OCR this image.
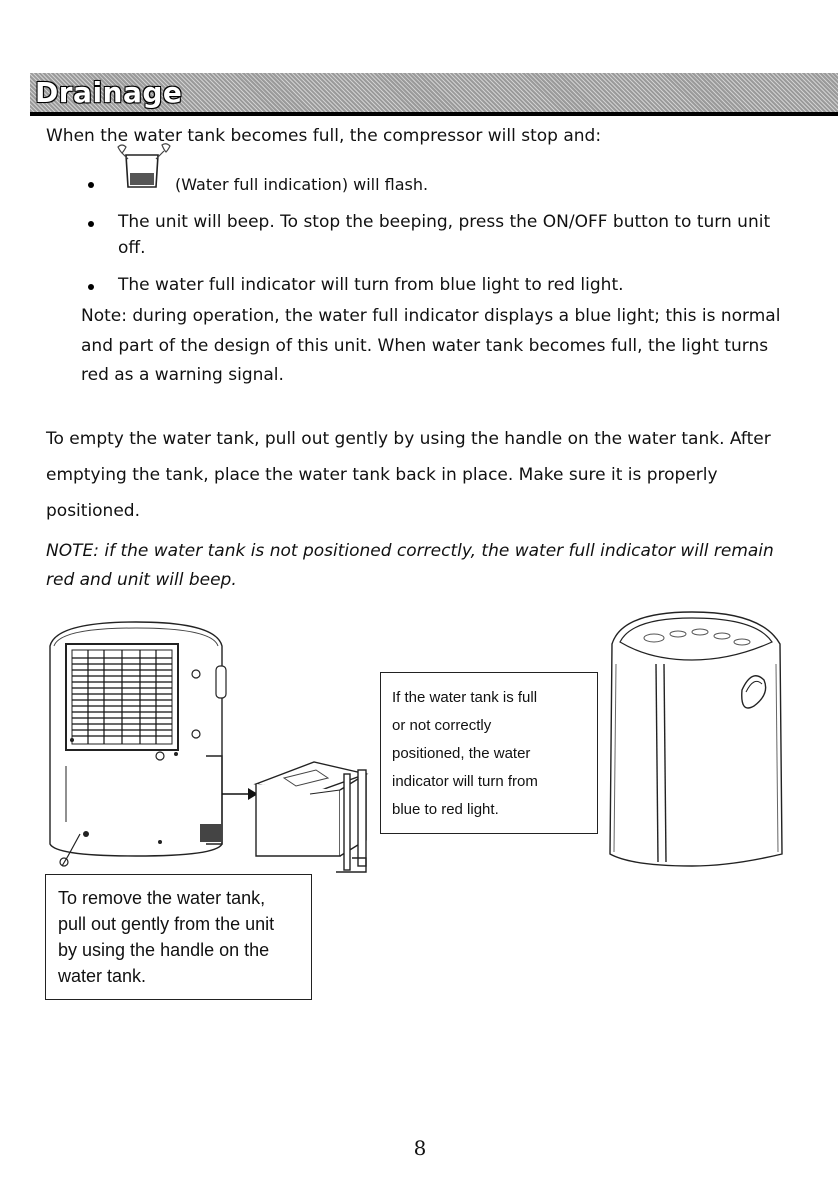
Drainage
When the water tank becomes full, the compressor will stop and:
(Water full indication) will flash.
The unit will beep. To stop the beeping, press the ON/OFF button to turn unit
off.
The water full indicator will turn from blue light to red light.
Note: during operation, the water full indicator displays a blue light; this is normal
and part of the design of this unit. When water tank becomes full, the light turns
red as a warning signal.
To empty the water tank, pull out gently by using the handle on the water tank. After
emptying the tank, place the water tank back in place. Make sure it is properly
positioned.
NOTE: if the water tank is not positioned correctly, the water full indicator will remain
red and unit will beep.
If the water tank is full
or not correctly
positioned, the water
indicator will turn from
blue to red light.
To remove the water tank,
pull out gently from the unit
by using the handle on the
water tank.
8
